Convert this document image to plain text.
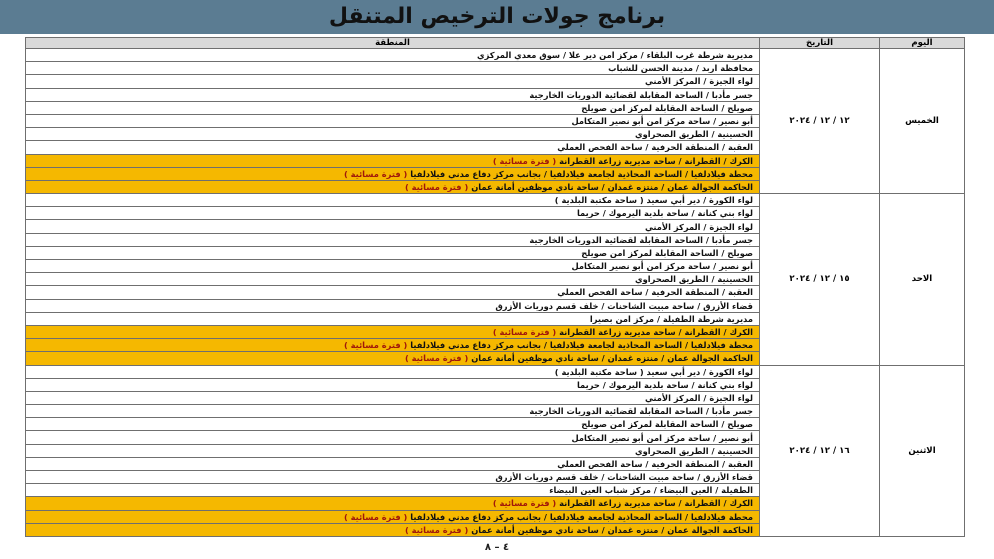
برنامج جولات الترخيص المتنقل
اليوم	التاريخ	المنطقة
الخميس	١٢ / ١٢ / ٢٠٢٤	مديرية شرطة غرب البلقاء / مركز امن دير علا / سوق معدي المركزي
		محافظة اربد / مدينة الحسن للشباب
		لواء الجيزة / المركز الأمني
		جسر مأدبا / الساحة المقابلة لقضائية الدوريات الخارجية
		صويلح / الساحة المقابلة لمركز امن صويلح
		أبو نصير / ساحة مركز امن أبو نصير المتكامل
		الحسينية / الطريق الصحراوي
		العقبة / المنطقة الحرفية / ساحة الفحص العملي
		الكرك / القطرانة / ساحة مديرية زراعة القطرانة ( فترة مسائية )
		محطة فيلادلفيا / الساحة المحاذية لجامعة فيلادلفيا / بجانب مركز دفاع مدني فيلادلفيا ( فترة مسائية )
		الحاكمة الجوالة عمان / منتزه غمدان / ساحة نادي موظفين أمانة عمان ( فترة مسائية )
الاحد	١٥ / ١٢ / ٢٠٢٤	لواء الكورة / دير أبي سعيد ( ساحة مكتبة البلدية )
		لواء بني كنانة / ساحة بلدية اليرموك / حريما
		لواء الجيزة / المركز الأمني
		جسر مأدبا / الساحة المقابلة لقضائية الدوريات الخارجية
		صويلح / الساحة المقابلة لمركز امن صويلح
		أبو نصير / ساحة مركز امن أبو نصير المتكامل
		الحسينية / الطريق الصحراوي
		العقبة / المنطقة الحرفية / ساحة الفحص العملي
		قضاء الأزرق / ساحة مبيت الشاحنات / خلف قسم دوريات الأزرق
		مديرية شرطة الطفيلة / مركز امن بصيرا
		الكرك / القطرانة / ساحة مديرية زراعة القطرانة ( فترة مسائية )
		محطة فيلادلفيا / الساحة المحاذية لجامعة فيلادلفيا / بجانب مركز دفاع مدني فيلادلفيا ( فترة مسائية )
		الحاكمة الجوالة عمان / منتزه غمدان / ساحة نادي موظفين أمانة عمان ( فترة مسائية )
الاثنين	١٦ / ١٢ / ٢٠٢٤	لواء الكورة / دير أبي سعيد ( ساحة مكتبة البلدية )
		لواء بني كنانة / ساحة بلدية اليرموك / حريما
		لواء الجيزة / المركز الأمني
		جسر مأدبا / الساحة المقابلة لقضائية الدوريات الخارجية
		صويلح / الساحة المقابلة لمركز امن صويلح
		أبو نصير / ساحة مركز امن أبو نصير المتكامل
		الحسينية / الطريق الصحراوي
		العقبة / المنطقة الحرفية / ساحة الفحص العملي
		قضاء الأزرق / ساحة مبيت الشاحنات / خلف قسم دوريات الأزرق
		الطفيلة / العين البيضاء / مركز شباب العين البيضاء
		الكرك / القطرانة / ساحة مديرية زراعة القطرانة ( فترة مسائية )
		محطة فيلادلفيا / الساحة المحاذية لجامعة فيلادلفيا / بجانب مركز دفاع مدني فيلادلفيا ( فترة مسائية )
		الحاكمة الجوالة عمان / منتزه غمدان / ساحة نادي موظفين أمانة عمان ( فترة مسائية )
٤ – ٨
